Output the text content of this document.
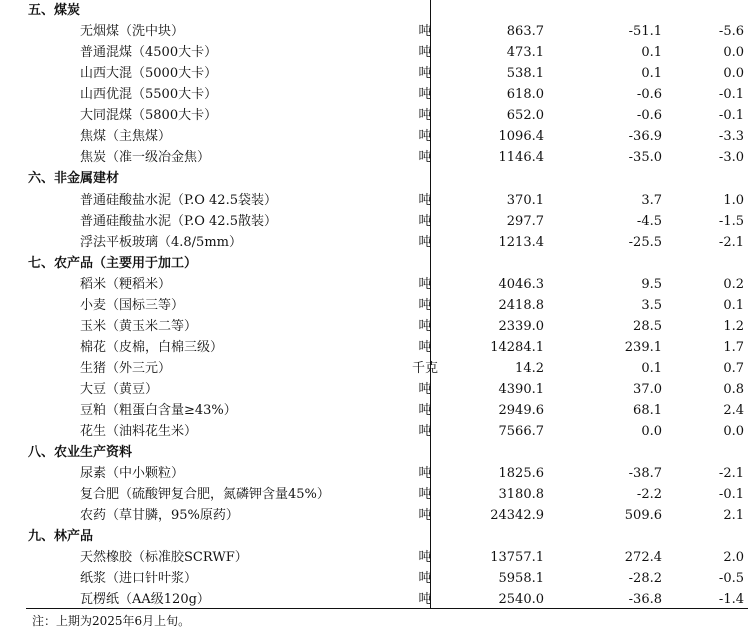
五、煤炭
无烟煤（洗中块）	吨	863.7	-51.1	-5.6
普通混煤（4500大卡）	吨	473.1	0.1	0.0
山西大混（5000大卡）	吨	538.1	0.1	0.0
山西优混（5500大卡）	吨	618.0	-0.6	-0.1
大同混煤（5800大卡）	吨	652.0	-0.6	-0.1
焦煤（主焦煤）	吨	1096.4	-36.9	-3.3
焦炭（准一级冶金焦）	吨	1146.4	-35.0	-3.0
六、非金属建材
普通硅酸盐水泥（P.O 42.5袋装）	吨	370.1	3.7	1.0
普通硅酸盐水泥（P.O 42.5散装）	吨	297.7	-4.5	-1.5
浮法平板玻璃（4.8/5mm）	吨	1213.4	-25.5	-2.1
七、农产品（主要用于加工）
稻米（粳稻米）	吨	4046.3	9.5	0.2
小麦（国标三等）	吨	2418.8	3.5	0.1
玉米（黄玉米二等）	吨	2339.0	28.5	1.2
棉花（皮棉，白棉三级）	吨	14284.1	239.1	1.7
生猪（外三元）	千克	14.2	0.1	0.7
大豆（黄豆）	吨	4390.1	37.0	0.8
豆粕（粗蛋白含量≥43%）	吨	2949.6	68.1	2.4
花生（油料花生米）	吨	7566.7	0.0	0.0
八、农业生产资料
尿素（中小颗粒）	吨	1825.6	-38.7	-2.1
复合肥（硫酸钾复合肥，氮磷钾含量45%）	吨	3180.8	-2.2	-0.1
农药（草甘膦，95%原药）	吨	24342.9	509.6	2.1
九、林产品
天然橡胶（标准胶SCRWF）	吨	13757.1	272.4	2.0
纸浆（进口针叶浆）	吨	5958.1	-28.2	-0.5
瓦楞纸（AA级120g）	吨	2540.0	-36.8	-1.4
注：上期为2025年6月上旬。
